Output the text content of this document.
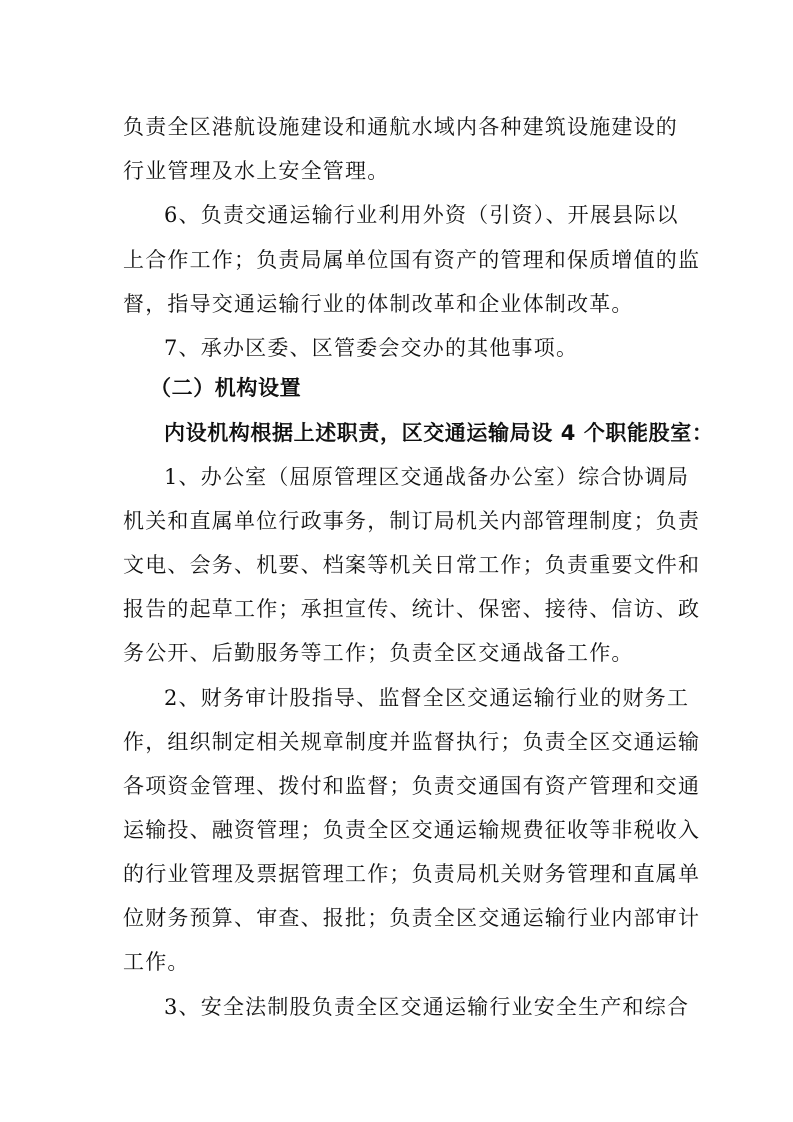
负责全区港航设施建设和通航水域内各种建筑设施建设的
行业管理及水上安全管理。
6、负责交通运输行业利用外资（引资）、开展县际以
上合作工作；负责局属单位国有资产的管理和保质增值的监
督，指导交通运输行业的体制改革和企业体制改革。
7、承办区委、区管委会交办的其他事项。
（二）机构设置
内设机构根据上述职责，区交通运输局设 4 个职能股室：
1、办公室（屈原管理区交通战备办公室）综合协调局
机关和直属单位行政事务，制订局机关内部管理制度；负责
文电、会务、机要、档案等机关日常工作；负责重要文件和
报告的起草工作；承担宣传、统计、保密、接待、信访、政
务公开、后勤服务等工作；负责全区交通战备工作。
2、财务审计股指导、监督全区交通运输行业的财务工
作，组织制定相关规章制度并监督执行；负责全区交通运输
各项资金管理、拨付和监督；负责交通国有资产管理和交通
运输投、融资管理；负责全区交通运输规费征收等非税收入
的行业管理及票据管理工作；负责局机关财务管理和直属单
位财务预算、审查、报批；负责全区交通运输行业内部审计
工作。
3、安全法制股负责全区交通运输行业安全生产和综合
